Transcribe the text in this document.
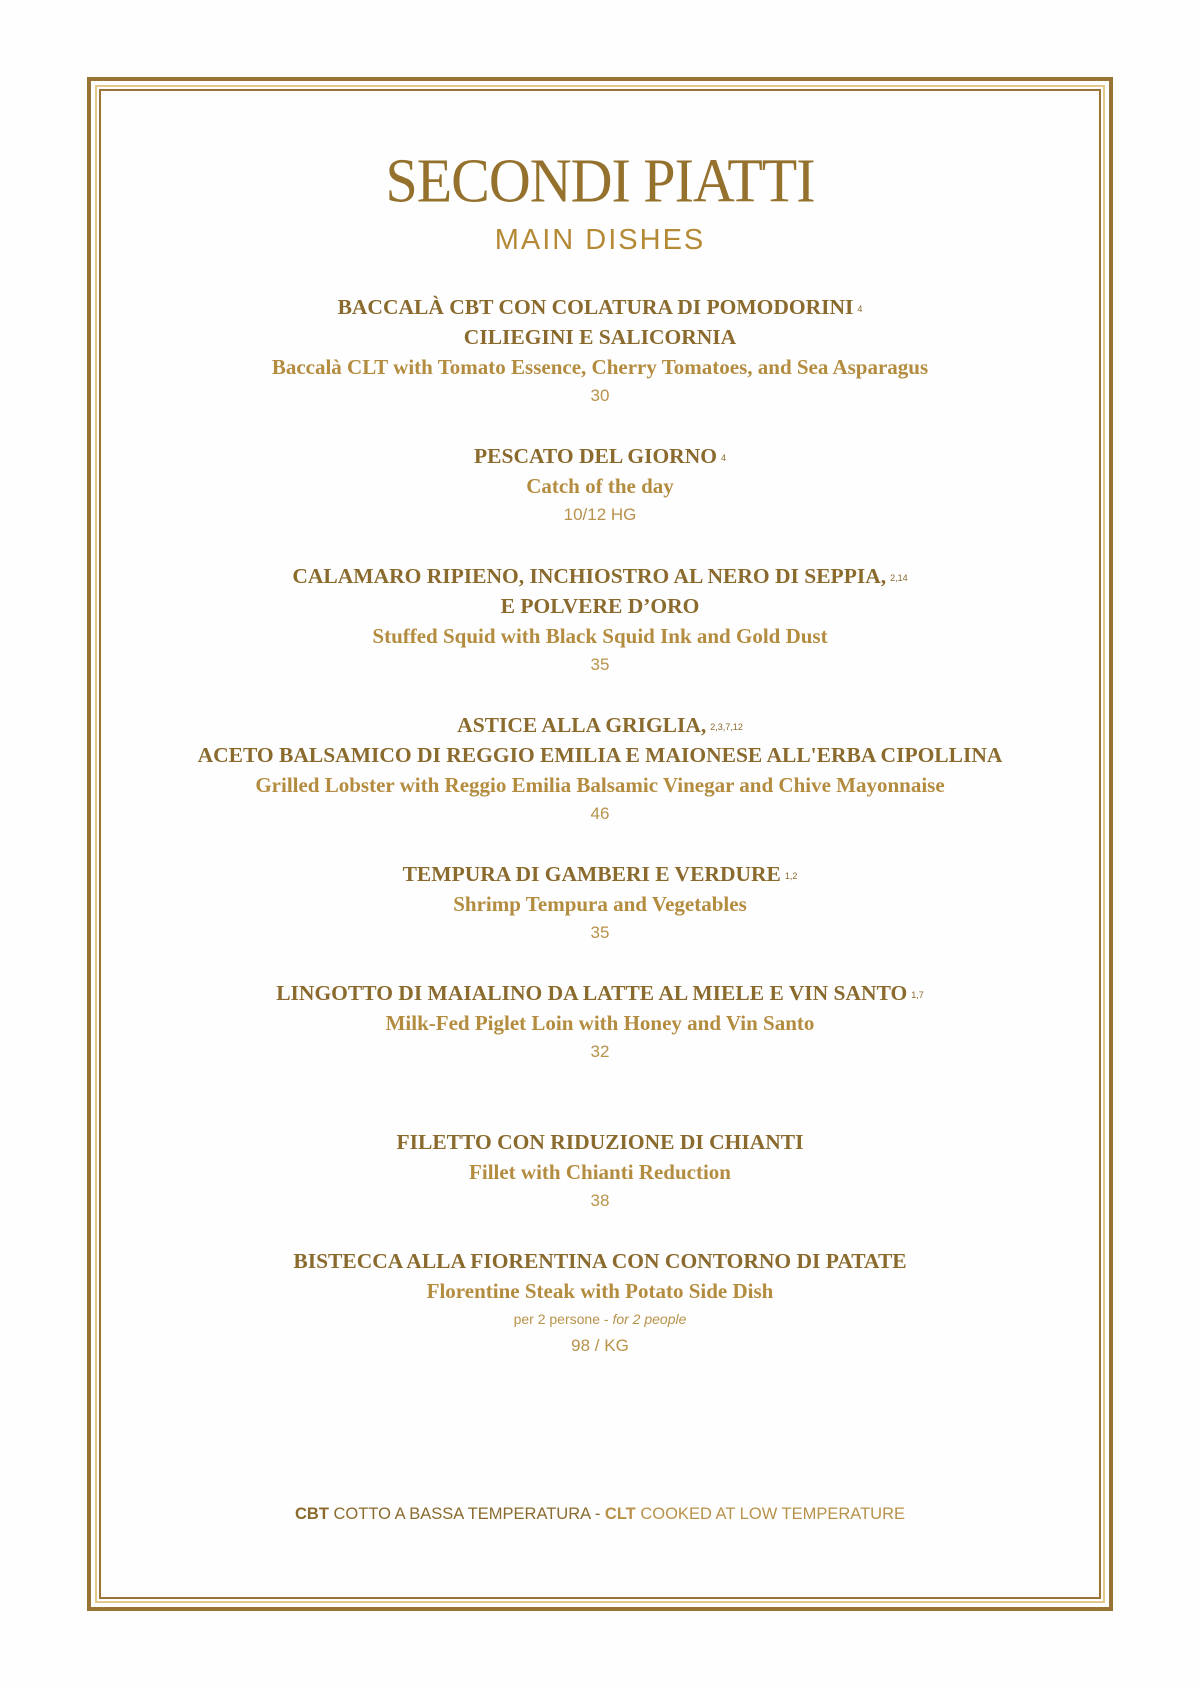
SECONDI PIATTI
MAIN DISHES
BACCALÀ CBT CON COLATURA DI POMODORINI $^4$
CILIEGINI E SALICORNIA
Baccalà CLT with Tomato Essence, Cherry Tomatoes, and Sea Asparagus
30
PESCATO DEL GIORNO $^4$
Catch of the day
10/12 HG
CALAMARO RIPIENO, INCHIOSTRO AL NERO DI SEPPIA, $^{2,14}$
E POLVERE D’ORO
Stuffed Squid with Black Squid Ink and Gold Dust
35
ASTICE ALLA GRIGLIA, $^{2,3,7,12}$
ACETO BALSAMICO DI REGGIO EMILIA E MAIONESE ALL'ERBA CIPOLLINA
Grilled Lobster with Reggio Emilia Balsamic Vinegar and Chive Mayonnaise
46
TEMPURA DI GAMBERI E VERDURE $^{1,2}$
Shrimp Tempura and Vegetables
35
LINGOTTO DI MAIALINO DA LATTE AL MIELE E VIN SANTO $^{1,7}$
Milk-Fed Piglet Loin with Honey and Vin Santo
32
FILETTO CON RIDUZIONE DI CHIANTI
Fillet with Chianti Reduction
38
BISTECCA ALLA FIORENTINA CON CONTORNO DI PATATE
Florentine Steak with Potato Side Dish
per 2 persone - for 2 people
98 / KG
CBT COTTO A BASSA TEMPERATURA - CLT COOKED AT LOW TEMPERATURE
